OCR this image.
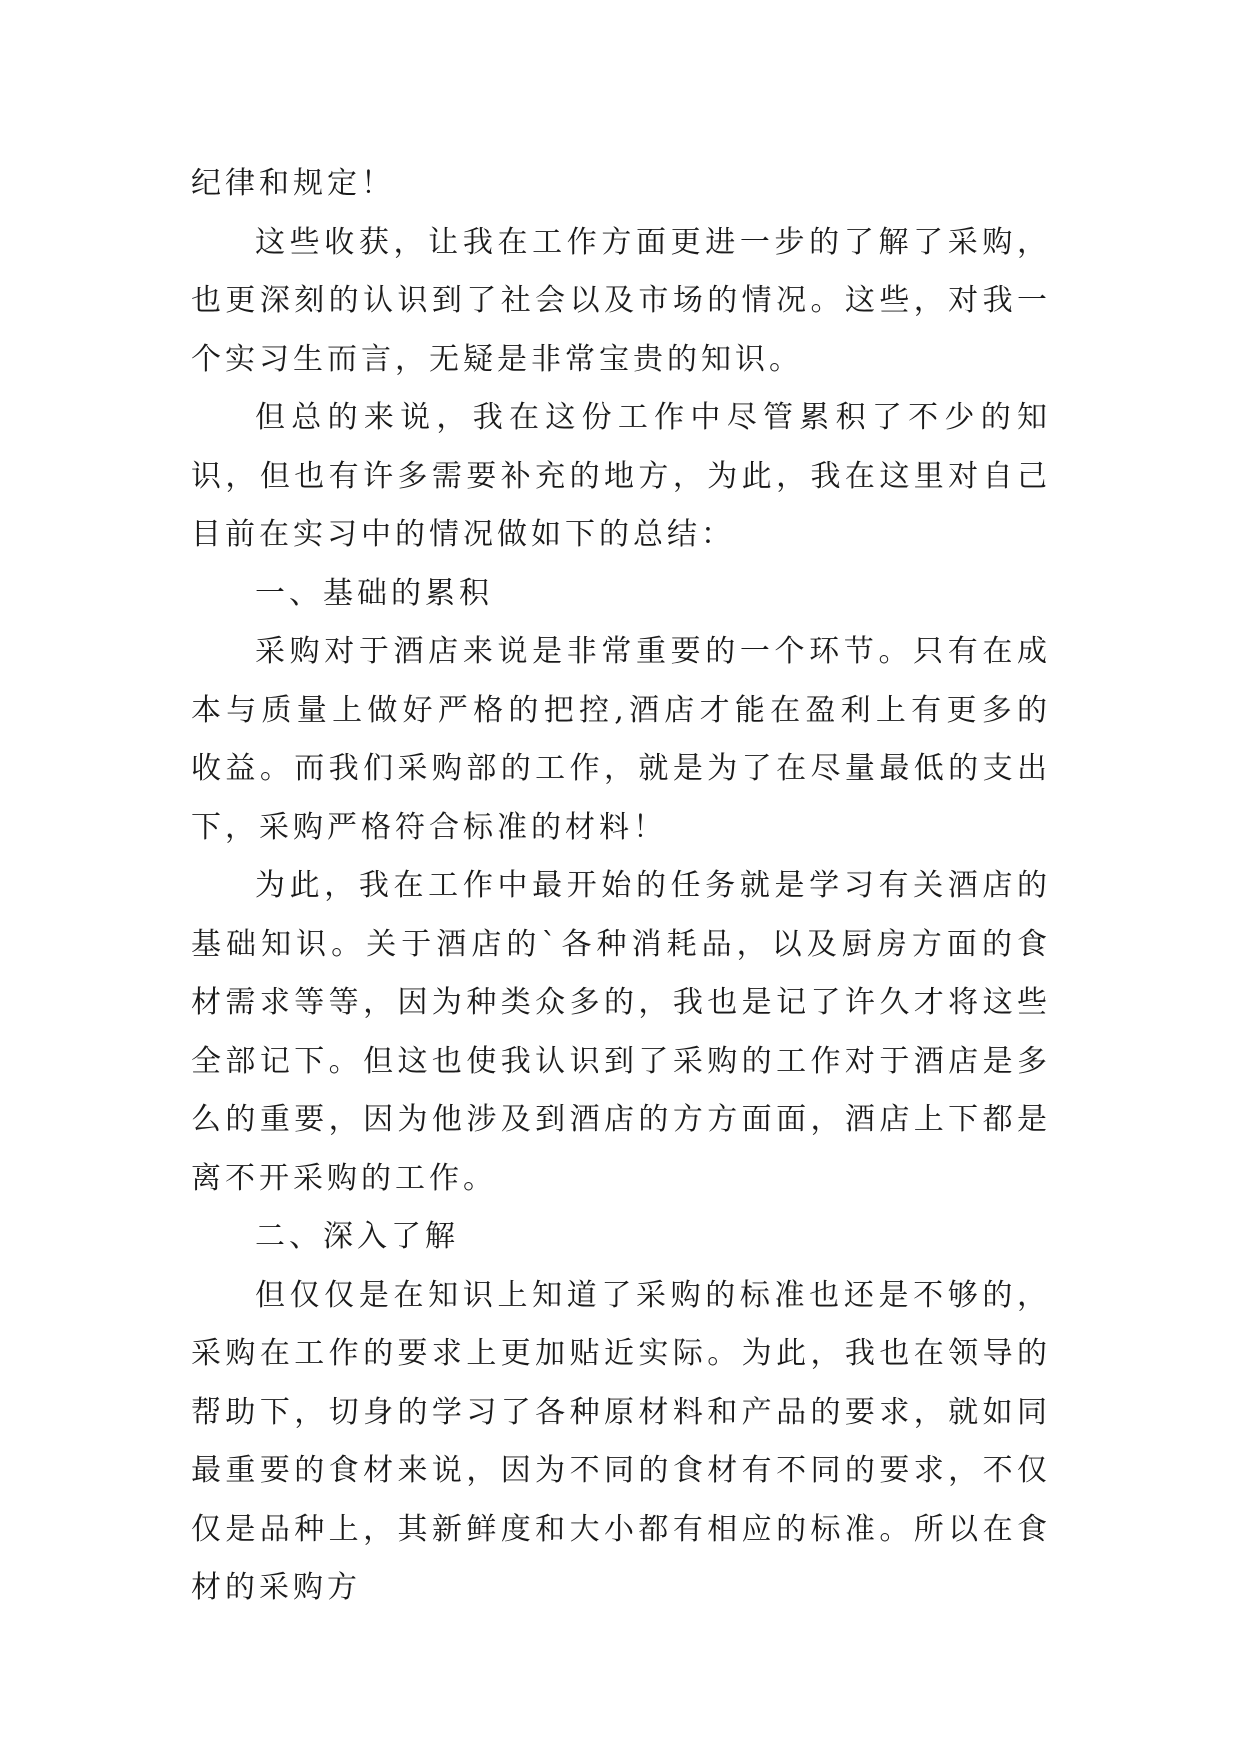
纪律和规定！

这些收获，让我在工作方面更进一步的了解了采购，也更深刻的认识到了社会以及市场的情况。这些，对我一个实习生而言，无疑是非常宝贵的知识。

但总的来说，我在这份工作中尽管累积了不少的知识，但也有许多需要补充的地方，为此，我在这里对自己目前在实习中的情况做如下的总结：

一、基础的累积

采购对于酒店来说是非常重要的一个环节。只有在成本与质量上做好严格的把控,酒店才能在盈利上有更多的收益。而我们采购部的工作，就是为了在尽量最低的支出下，采购严格符合标准的材料！

为此，我在工作中最开始的任务就是学习有关酒店的基础知识。关于酒店的`各种消耗品，以及厨房方面的食材需求等等，因为种类众多的，我也是记了许久才将这些全部记下。但这也使我认识到了采购的工作对于酒店是多么的重要，因为他涉及到酒店的方方面面，酒店上下都是离不开采购的工作。

二、深入了解

但仅仅是在知识上知道了采购的标准也还是不够的，采购在工作的要求上更加贴近实际。为此，我也在领导的帮助下，切身的学习了各种原材料和产品的要求，就如同最重要的食材来说，因为不同的食材有不同的要求，不仅仅是品种上，其新鲜度和大小都有相应的标准。所以在食材的采购方
